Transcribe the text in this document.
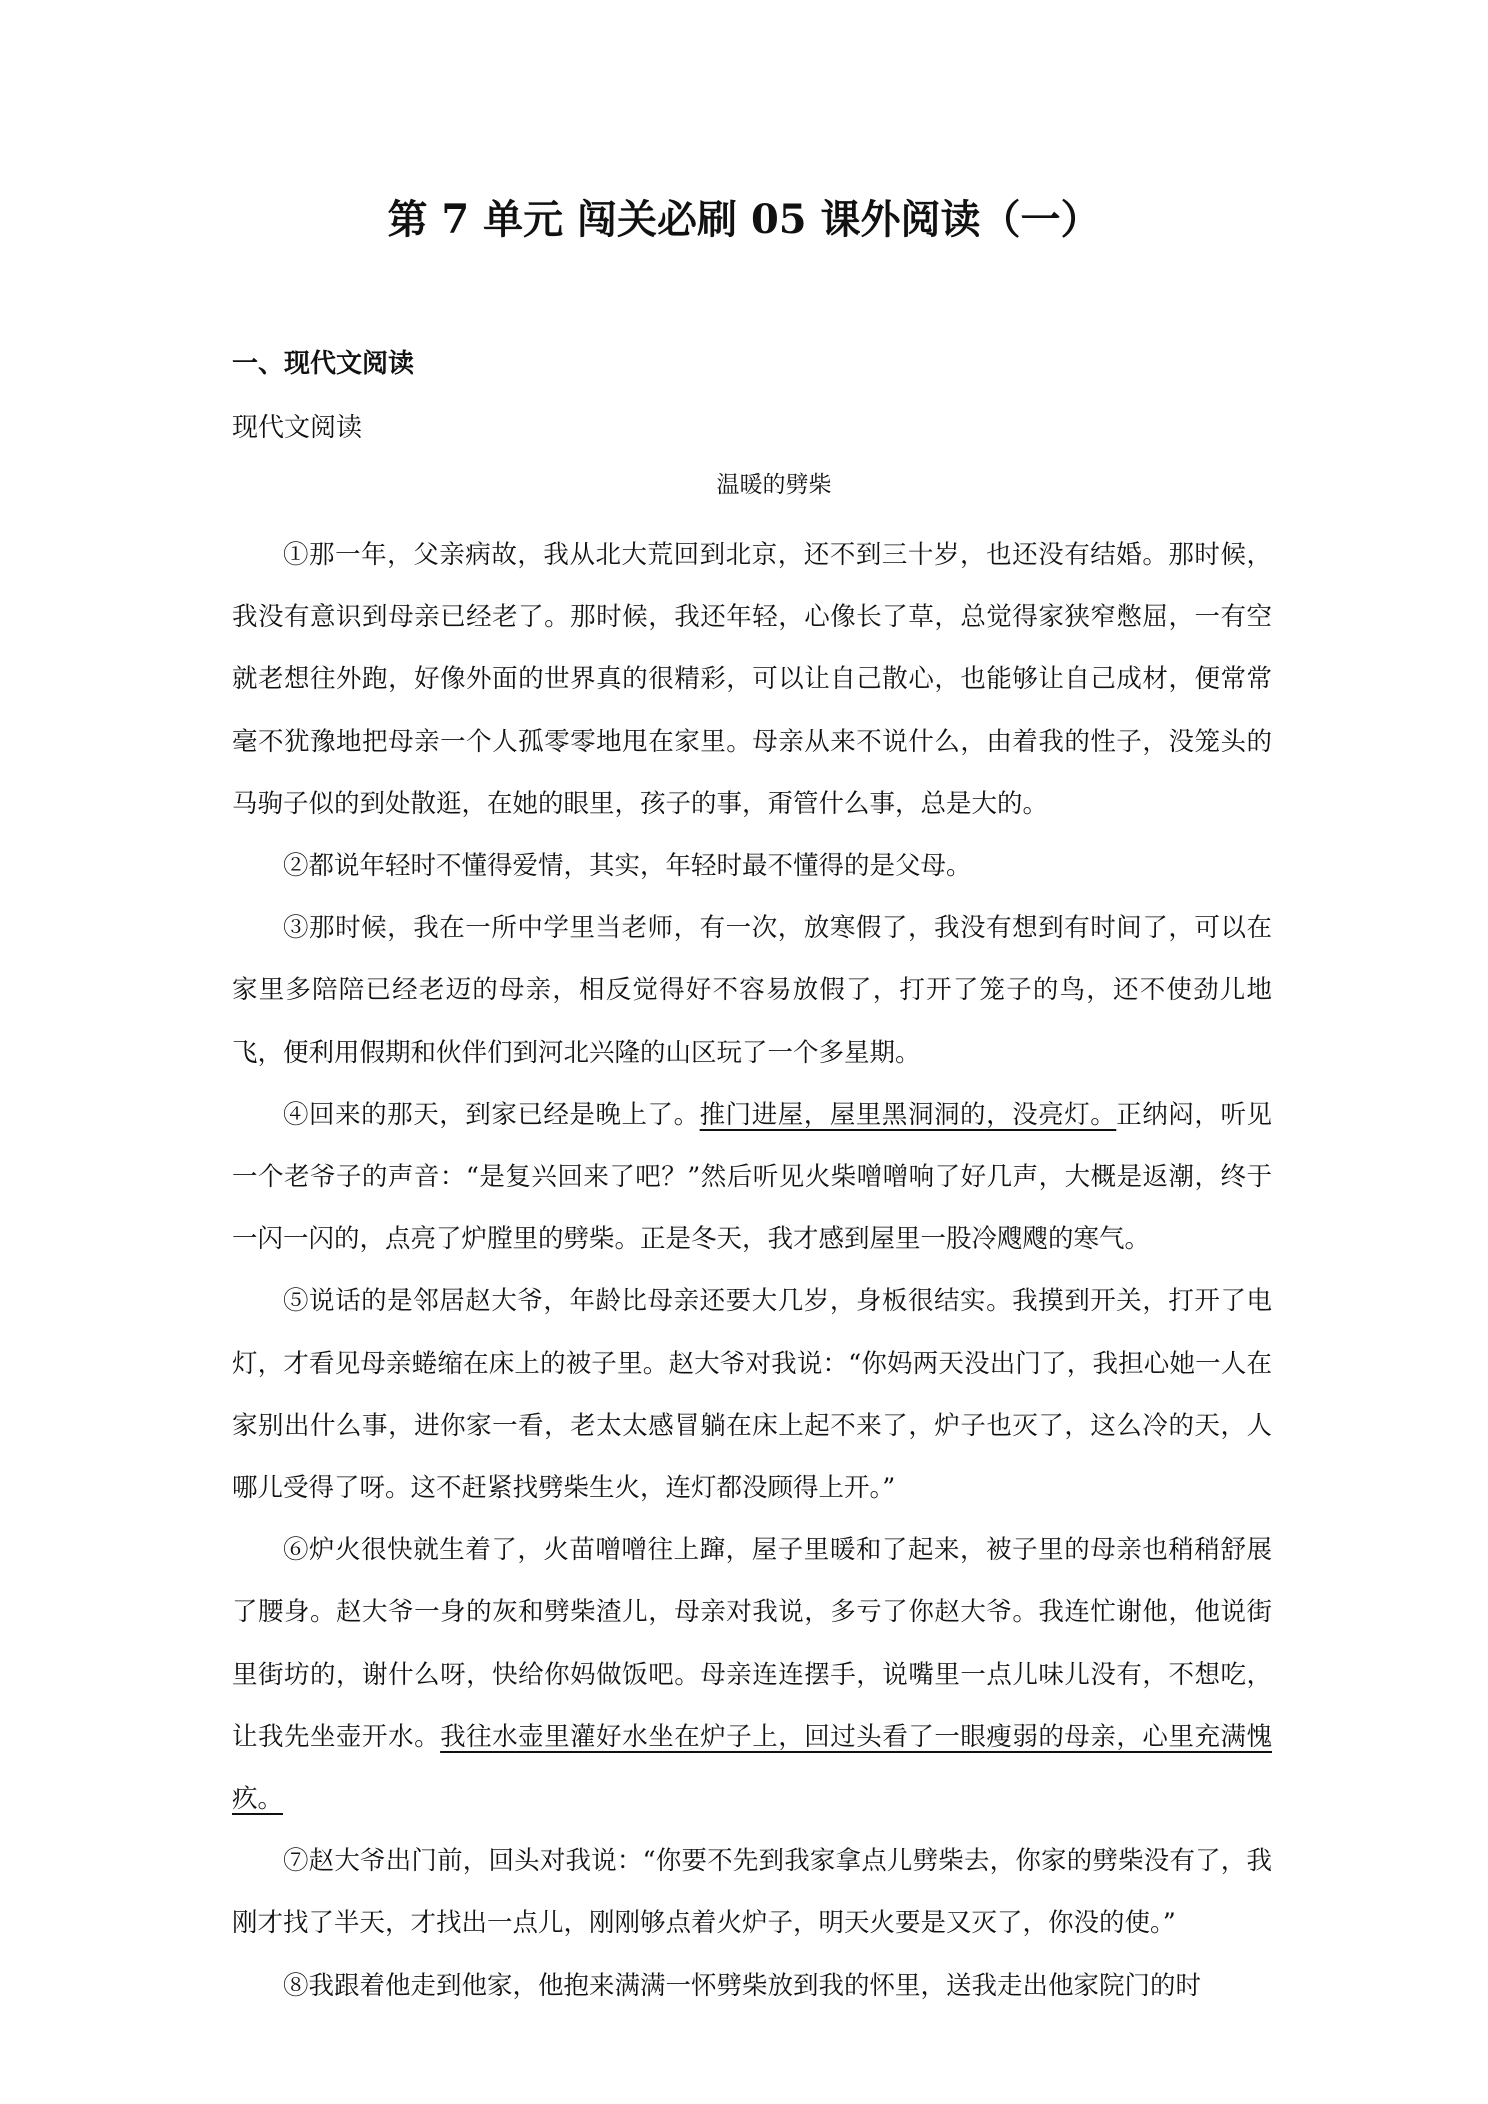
第 7 单元 闯关必刷 05 课外阅读（一）
一、现代文阅读
现代文阅读
温暖的劈柴

①那一年，父亲病故，我从北大荒回到北京，还不到三十岁，也还没有结婚。那时候，我没有意识到母亲已经老了。那时候，我还年轻，心像长了草，总觉得家狭窄憋屈，一有空就老想往外跑，好像外面的世界真的很精彩，可以让自己散心，也能够让自己成材，便常常毫不犹豫地把母亲一个人孤零零地甩在家里。母亲从来不说什么，由着我的性子，没笼头的马驹子似的到处散逛，在她的眼里，孩子的事，甭管什么事，总是大的。

②都说年轻时不懂得爱情，其实，年轻时最不懂得的是父母。

③那时候，我在一所中学里当老师，有一次，放寒假了，我没有想到有时间了，可以在家里多陪陪已经老迈的母亲，相反觉得好不容易放假了，打开了笼子的鸟，还不使劲儿地飞，便利用假期和伙伴们到河北兴隆的山区玩了一个多星期。

④回来的那天，到家已经是晚上了。推门进屋，屋里黑洞洞的，没亮灯。正纳闷，听见一个老爷子的声音：“是复兴回来了吧？”然后听见火柴噌噌响了好几声，大概是返潮，终于一闪一闪的，点亮了炉膛里的劈柴。正是冬天，我才感到屋里一股冷飕飕的寒气。

⑤说话的是邻居赵大爷，年龄比母亲还要大几岁，身板很结实。我摸到开关，打开了电灯，才看见母亲蜷缩在床上的被子里。赵大爷对我说：“你妈两天没出门了，我担心她一人在家别出什么事，进你家一看，老太太感冒躺在床上起不来了，炉子也灭了，这么冷的天，人哪儿受得了呀。这不赶紧找劈柴生火，连灯都没顾得上开。”

⑥炉火很快就生着了，火苗噌噌往上蹿，屋子里暖和了起来，被子里的母亲也稍稍舒展了腰身。赵大爷一身的灰和劈柴渣儿，母亲对我说，多亏了你赵大爷。我连忙谢他，他说街里街坊的，谢什么呀，快给你妈做饭吧。母亲连连摆手，说嘴里一点儿味儿没有，不想吃，让我先坐壶开水。我往水壶里灌好水坐在炉子上，回过头看了一眼瘦弱的母亲，心里充满愧疚。

⑦赵大爷出门前，回头对我说：“你要不先到我家拿点儿劈柴去，你家的劈柴没有了，我刚才找了半天，才找出一点儿，刚刚够点着火炉子，明天火要是又灭了，你没的使。”

⑧我跟着他走到他家，他抱来满满一怀劈柴放到我的怀里，送我走出他家院门的时
